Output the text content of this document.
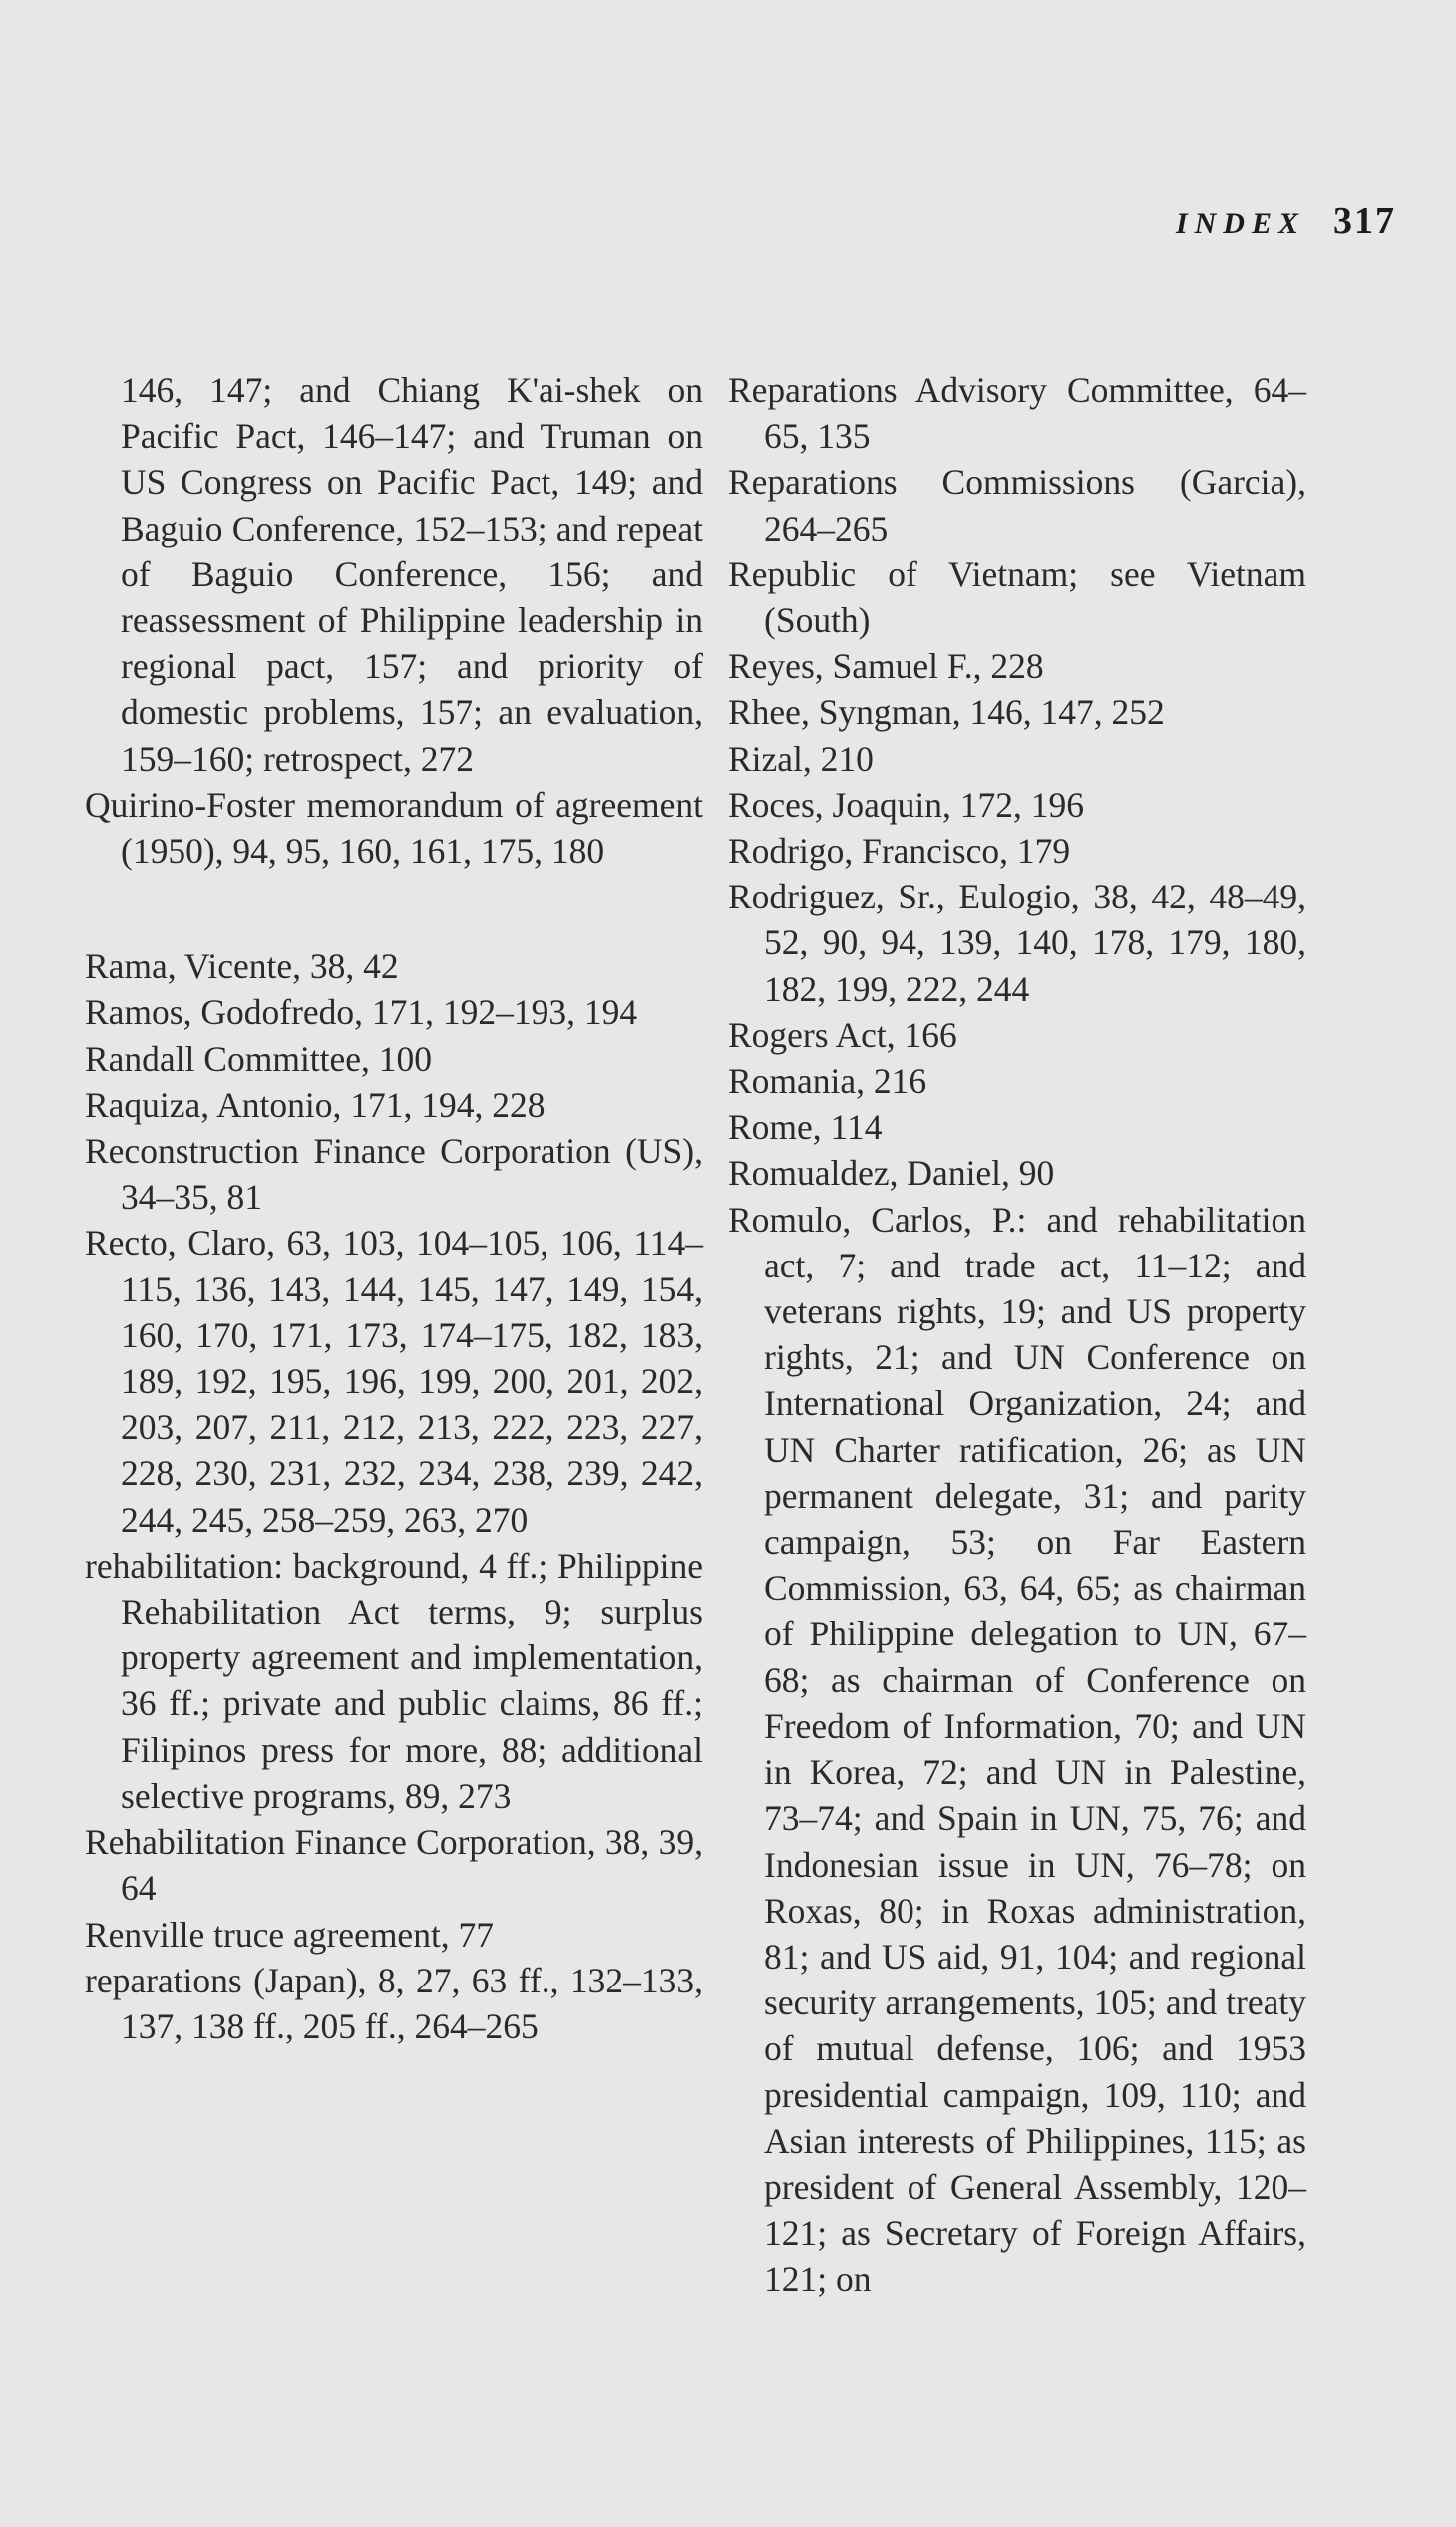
INDEX 317

146, 147; and Chiang K'ai-shek on Pacific Pact, 146–147; and Truman on US Congress on Pacific Pact, 149; and Baguio Conference, 152–153; and repeat of Baguio Conference, 156; and reassessment of Philippine leadership in regional pact, 157; and priority of domestic problems, 157; an evaluation, 159–160; retrospect, 272

Quirino-Foster memorandum of agreement (1950), 94, 95, 160, 161, 175, 180

Rama, Vicente, 38, 42

Ramos, Godofredo, 171, 192–193, 194

Randall Committee, 100

Raquiza, Antonio, 171, 194, 228

Reconstruction Finance Corporation (US), 34–35, 81

Recto, Claro, 63, 103, 104–105, 106, 114–115, 136, 143, 144, 145, 147, 149, 154, 160, 170, 171, 173, 174–175, 182, 183, 189, 192, 195, 196, 199, 200, 201, 202, 203, 207, 211, 212, 213, 222, 223, 227, 228, 230, 231, 232, 234, 238, 239, 242, 244, 245, 258–259, 263, 270

rehabilitation: background, 4 ff.; Philippine Rehabilitation Act terms, 9; surplus property agreement and implementation, 36 ff.; private and public claims, 86 ff.; Filipinos press for more, 88; additional selective programs, 89, 273

Rehabilitation Finance Corporation, 38, 39, 64

Renville truce agreement, 77

reparations (Japan), 8, 27, 63 ff., 132–133, 137, 138 ff., 205 ff., 264–265

Reparations Advisory Committee, 64–65, 135

Reparations Commissions (Garcia), 264–265

Republic of Vietnam; see Vietnam (South)

Reyes, Samuel F., 228

Rhee, Syngman, 146, 147, 252

Rizal, 210

Roces, Joaquin, 172, 196

Rodrigo, Francisco, 179

Rodriguez, Sr., Eulogio, 38, 42, 48–49, 52, 90, 94, 139, 140, 178, 179, 180, 182, 199, 222, 244

Rogers Act, 166

Romania, 216

Rome, 114

Romualdez, Daniel, 90

Romulo, Carlos, P.: and rehabilitation act, 7; and trade act, 11–12; and veterans rights, 19; and US property rights, 21; and UN Conference on International Organization, 24; and UN Charter ratification, 26; as UN permanent delegate, 31; and parity campaign, 53; on Far Eastern Commission, 63, 64, 65; as chairman of Philippine delegation to UN, 67–68; as chairman of Conference on Freedom of Information, 70; and UN in Korea, 72; and UN in Palestine, 73–74; and Spain in UN, 75, 76; and Indonesian issue in UN, 76–78; on Roxas, 80; in Roxas administration, 81; and US aid, 91, 104; and regional security arrangements, 105; and treaty of mutual defense, 106; and 1953 presidential campaign, 109, 110; and Asian interests of Philippines, 115; as president of General Assembly, 120–121; as Secretary of Foreign Affairs, 121; on
